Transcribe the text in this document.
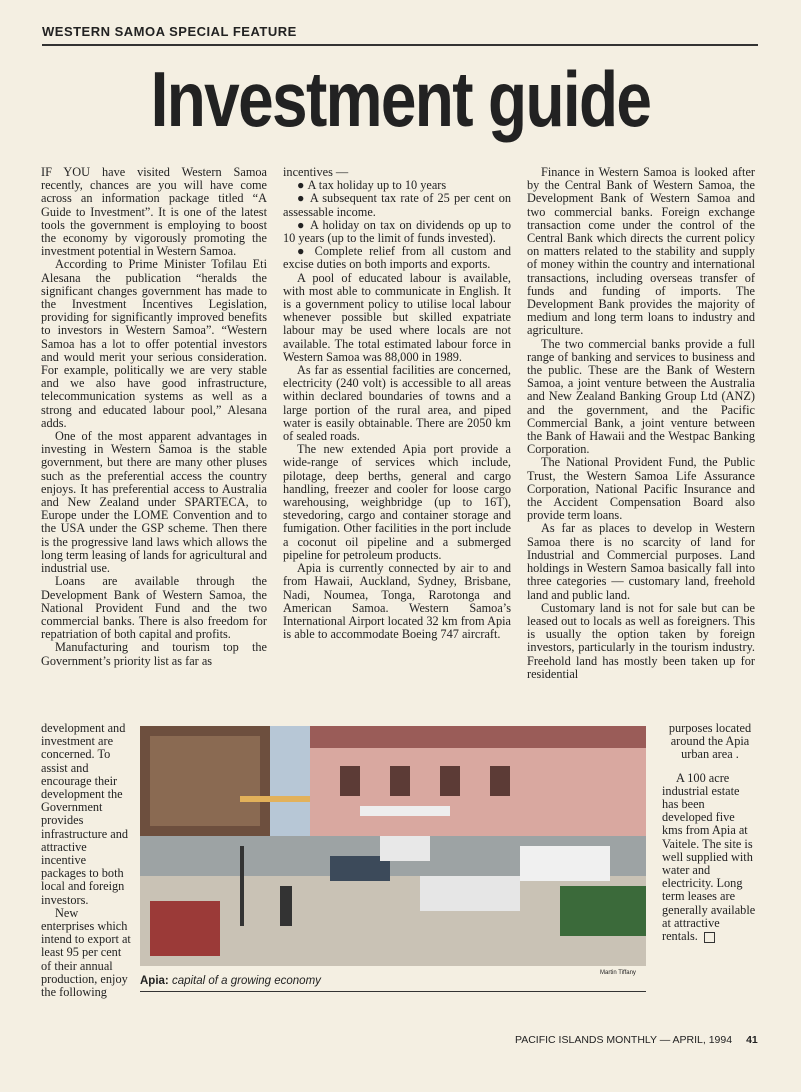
WESTERN SAMOA SPECIAL FEATURE
Investment guide

IF YOU have visited Western Samoa recently, chances are you will have come across an information package titled “A Guide to Investment”. It is one of the latest tools the government is employing to boost the economy by vigorously promoting the investment potential in Western Samoa.

According to Prime Minister Tofilau Eti Alesana the publication “heralds the significant changes government has made to the Investment Incentives Legislation, providing for significantly improved benefits to investors in Western Samoa”. “Western Samoa has a lot to offer potential investors and would merit your serious consideration. For example, politically we are very stable and we also have good infrastructure, telecommunication systems as well as a strong and educated labour pool,” Alesana adds.

One of the most apparent advantages in investing in Western Samoa is the stable government, but there are many other pluses such as the preferential access the country enjoys. It has preferential access to Australia and New Zealand under SPARTECA, to Europe under the LOME Convention and to the USA under the GSP scheme. Then there is the progressive land laws which allows the long term leasing of lands for agricultural and industrial use.

Loans are available through the Development Bank of Western Samoa, the National Provident Fund and the two commercial banks. There is also freedom for repatriation of both capital and profits.

Manufacturing and tourism top the Government’s priority list as far as

development and investment are concerned. To assist and encourage their development the Government provides infrastructure and attractive incentive packages to both local and foreign investors.

New enterprises which intend to export at least 95 per cent of their annual production, enjoy the following

incentives —

● A tax holiday up to 10 years

● A subsequent tax rate of 25 per cent on assessable income.

● A holiday on tax on dividends op up to 10 years (up to the limit of funds invested).

● Complete relief from all custom and excise duties on both imports and exports.

A pool of educated labour is available, with most able to communicate in English. It is a government policy to utilise local labour whenever possible but skilled expatriate labour may be used where locals are not available. The total estimated labour force in Western Samoa was 88,000 in 1989.

As far as essential facilities are concerned, electricity (240 volt) is accessible to all areas within declared boundaries of towns and a large portion of the rural area, and piped water is easily obtainable. There are 2050 km of sealed roads.

The new extended Apia port provide a wide-range of services which include, pilotage, deep berths, general and cargo handling, freezer and cooler for loose cargo warehousing, weighbridge (up to 16T), stevedoring, cargo and container storage and fumigation. Other facilities in the port include a coconut oil pipeline and a submerged pipeline for petroleum products.

Apia is currently connected by air to and from Hawaii, Auckland, Sydney, Brisbane, Nadi, Noumea, Tonga, Rarotonga and American Samoa. Western Samoa’s International Airport located 32 km from Apia is able to accommodate Boeing 747 aircraft.

Finance in Western Samoa is looked after by the Central Bank of Western Samoa, the Development Bank of Western Samoa and two commercial banks. Foreign exchange transaction come under the control of the Central Bank which directs the current policy on matters related to the stability and supply of money within the country and international transactions, including overseas transfer of funds and funding of imports. The Development Bank provides the majority of medium and long term loans to industry and agriculture.

The two commercial banks provide a full range of banking and services to business and the public. These are the Bank of Western Samoa, a joint venture between the Australia and New Zealand Banking Group Ltd (ANZ) and the government, and the Pacific Commercial Bank, a joint venture between the Bank of Hawaii and the Westpac Banking Corporation.

The National Provident Fund, the Public Trust, the Western Samoa Life Assurance Corporation, National Pacific Insurance and the Accident Compensation Board also provide term loans.

As far as places to develop in Western Samoa there is no scarcity of land for Industrial and Commercial purposes. Land holdings in Western Samoa basically fall into three categories — customary land, freehold land and public land.

Customary land is not for sale but can be leased out to locals as well as foreigners. This is usually the option taken by foreign investors, particularly in the tourism industry. Freehold land has mostly been taken up for residential

purposes located around the Apia urban area .

A 100 acre industrial estate has been developed five kms from Apia at Vaitele. The site is well supplied with water and electricity. Long term leases are generally available at attractive rentals.

Martin Tiffany
Apia: capital of a growing economy
PACIFIC ISLANDS MONTHLY — APRIL, 1994 41
